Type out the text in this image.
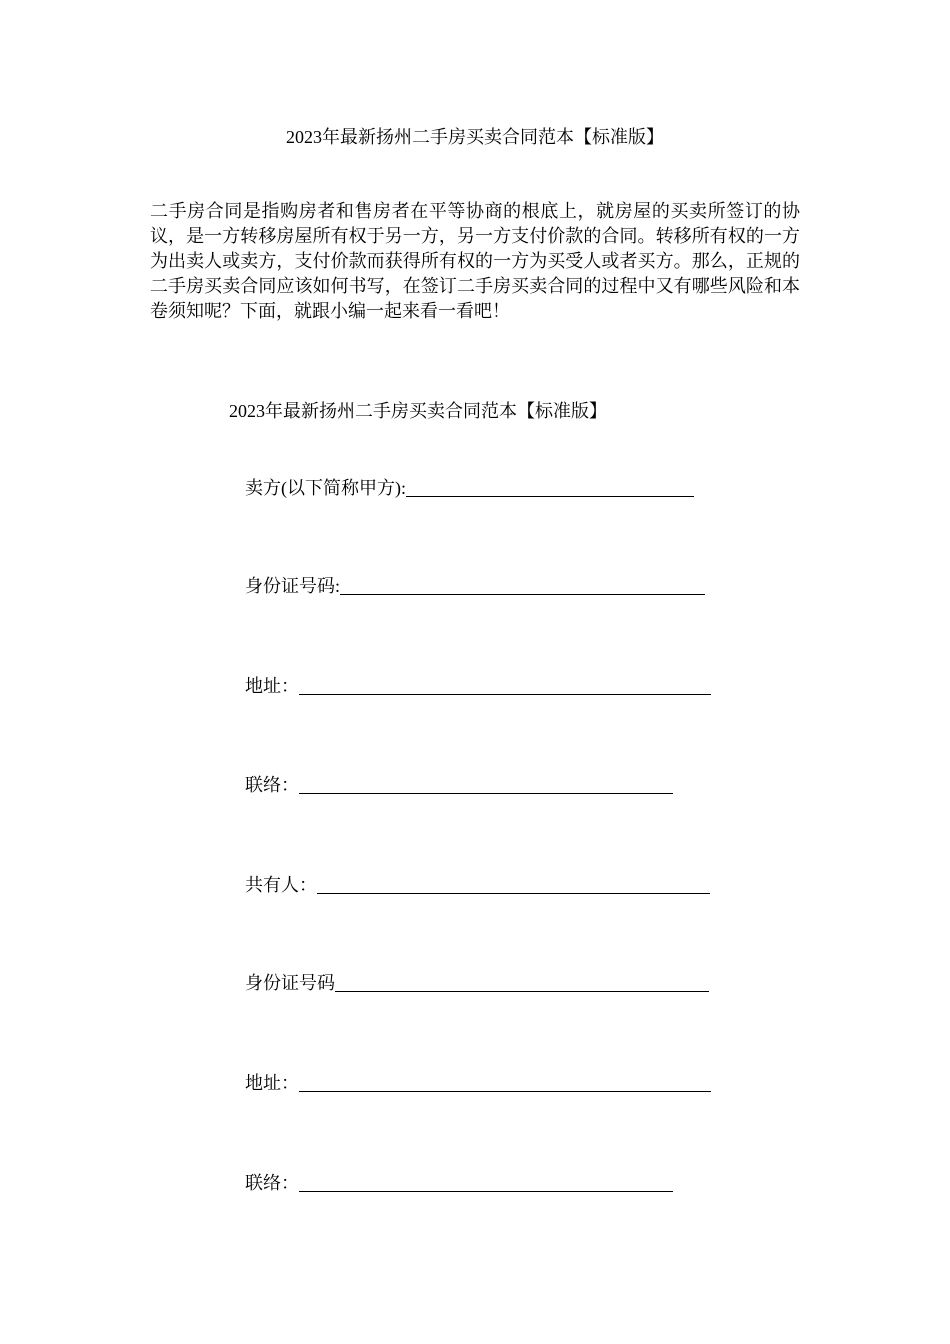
2023年最新扬州二手房买卖合同范本【标准版】

二手房合同是指购房者和售房者在平等协商的根底上，就房屋的买卖所签订的协议，是一方转移房屋所有权于另一方，另一方支付价款的合同。转移所有权的一方为出卖人或卖方，支付价款而获得所有权的一方为买受人或者买方。那么，正规的二手房买卖合同应该如何书写，在签订二手房买卖合同的过程中又有哪些风险和本卷须知呢？下面，就跟小编一起来看一看吧！

2023年最新扬州二手房买卖合同范本【标准版】
卖方(以下简称甲方):
身份证号码:
地址：
联络：
共有人：
身份证号码
地址：
联络：
